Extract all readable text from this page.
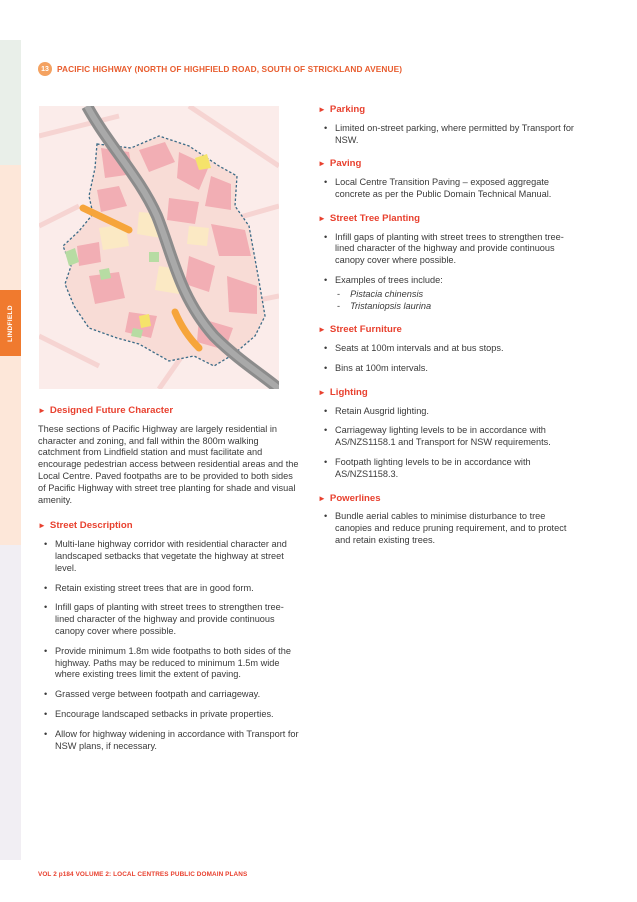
LINDFIELD
13 PACIFIC HIGHWAY (NORTH OF HIGHFIELD ROAD, SOUTH OF STRICKLAND AVENUE)
► Designed Future Character

These sections of Pacific Highway are largely residential in character and zoning, and fall within the 800m walking catchment from Lindfield station and must facilitate and encourage pedestrian access between residential areas and the Local Centre. Paved footpaths are to be provided to both sides of Pacific Highway with street tree planting for shade and visual amenity.

► Street Description
• Multi-lane highway corridor with residential character and landscaped setbacks that vegetate the highway at street level.
• Retain existing street trees that are in good form.
• Infill gaps of planting with street trees to strengthen tree-lined character of the highway and provide continuous canopy cover where possible.
• Provide minimum 1.8m wide footpaths to both sides of the highway. Paths may be reduced to minimum 1.5m wide where existing trees limit the extent of paving.
• Grassed verge between footpath and carriageway.
• Encourage landscaped setbacks in private properties.
• Allow for highway widening in accordance with Transport for NSW plans, if necessary.
► Parking
• Limited on-street parking, where permitted by Transport for NSW.
► Paving
• Local Centre Transition Paving – exposed aggregate concrete as per the Public Domain Technical Manual.
► Street Tree Planting
• Infill gaps of planting with street trees to strengthen tree-lined character of the highway and provide continuous canopy cover where possible.
• Examples of trees include:
- Pistacia chinensis
- Tristaniopsis laurina
► Street Furniture
• Seats at 100m intervals and at bus stops.
• Bins at 100m intervals.
► Lighting
• Retain Ausgrid lighting.
• Carriageway lighting levels to be in accordance with AS/NZS1158.1 and Transport for NSW requirements.
• Footpath lighting levels to be in accordance with AS/NZS1158.3.
► Powerlines
• Bundle aerial cables to minimise disturbance to tree canopies and reduce pruning requirement, and to protect and retain existing trees.
VOL 2 p184 VOLUME 2: LOCAL CENTRES PUBLIC DOMAIN PLANS
